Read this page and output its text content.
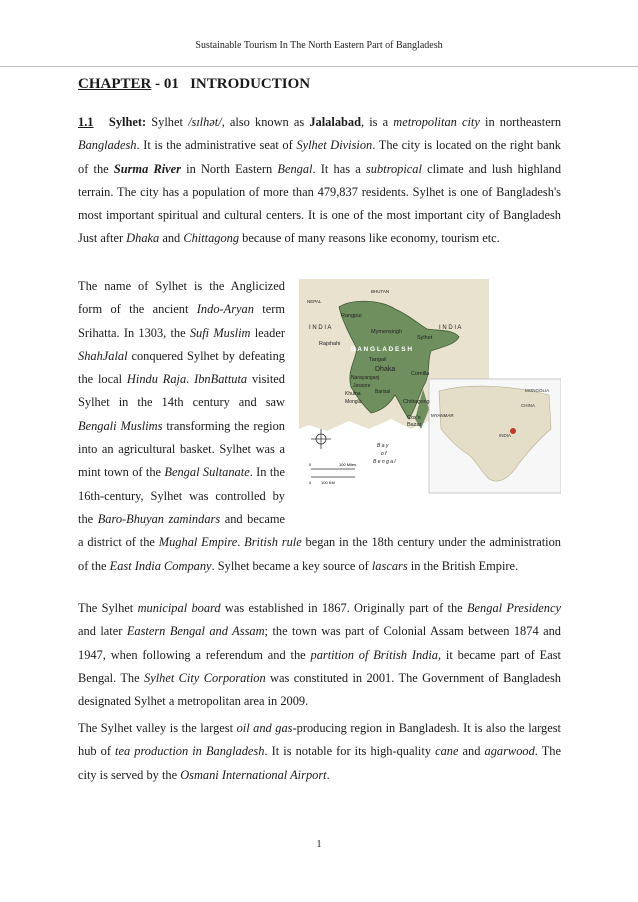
Sustainable Tourism In The North Eastern Part of Bangladesh
CHAPTER - 01   INTRODUCTION

1.1 Sylhet: Sylhet /sɪlhət/, also known as Jalalabad, is a metropolitan city in northeastern Bangladesh. It is the administrative seat of Sylhet Division. The city is located on the right bank of the Surma River in North Eastern Bengal. It has a subtropical climate and lush highland terrain. The city has a population of more than 479,837 residents. Sylhet is one of Bangladesh's most important spiritual and cultural centers. It is one of the most important city of Bangladesh Just after Dhaka and Chittagong because of many reasons like economy, tourism etc.

INDIA
CHINA
MONGOLIA
BHUTAN
NEPAL
I N D I A	I N D I A
B A N G L A D E S H
Rangpur
Mymensingh
Sylhet
Rajshahi
Tangail
Dhaka
Comilla
Narayanganj
Jessore
Barisal
Khulna
Mongla	Chittagong
Cox's
Bazar
MYANMAR
B a y
o f
B e n g a l
0	100 Miles
0 100 KM

The name of Sylhet is the Anglicized form of the ancient Indo-Aryan term Srihatta. In 1303, the Sufi Muslim leader ShahJalal conquered Sylhet by defeating the local Hindu Raja. IbnBattuta visited Sylhet in the 14th century and saw Bengali Muslims transforming the region into an agricultural basket. Sylhet was a mint town of the Bengal Sultanate. In the 16th-century, Sylhet was controlled by the Baro-Bhuyan zamindars and became a district of the Mughal Empire. British rule began in the 18th century under the administration of the East India Company. Sylhet became a key source of lascars in the British Empire.

The Sylhet municipal board was established in 1867. Originally part of the Bengal Presidency and later Eastern Bengal and Assam; the town was part of Colonial Assam between 1874 and 1947, when following a referendum and the partition of British India, it became part of East Bengal. The Sylhet City Corporation was constituted in 2001. The Government of Bangladesh designated Sylhet a metropolitan area in 2009.

The Sylhet valley is the largest oil and gas-producing region in Bangladesh. It is also the largest hub of tea production in Bangladesh. It is notable for its high-quality cane and agarwood. The city is served by the Osmani International Airport.

1
